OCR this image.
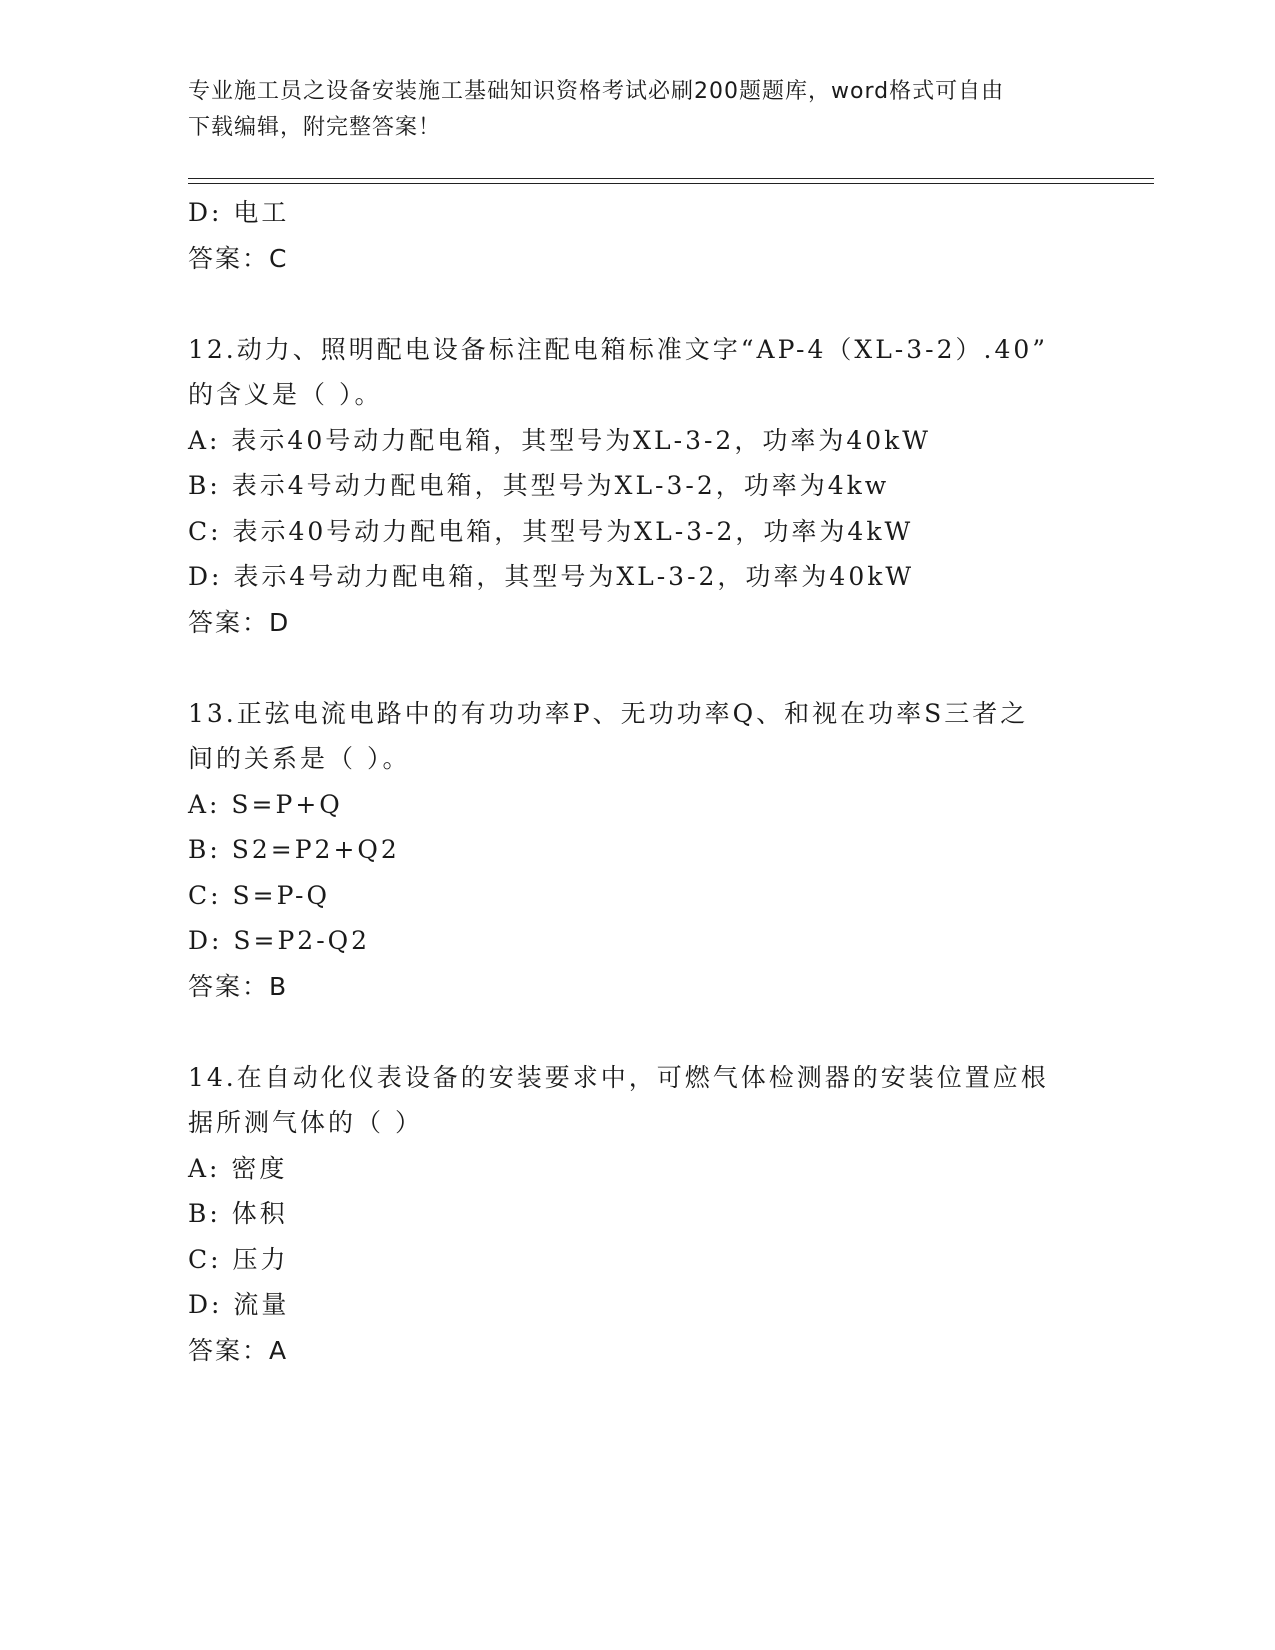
专业施工员之设备安装施工基础知识资格考试必刷200题题库，word格式可自由
下载编辑，附完整答案！
D: 电工
答案：C
12.动力、照明配电设备标注配电箱标准文字“AP-4（XL-3-2）.40”
的含义是（ ）。
A: 表示40号动力配电箱，其型号为XL-3-2，功率为40kW
B: 表示4号动力配电箱，其型号为XL-3-2，功率为4kw
C: 表示40号动力配电箱，其型号为XL-3-2，功率为4kW
D: 表示4号动力配电箱，其型号为XL-3-2，功率为40kW
答案：D
13.正弦电流电路中的有功功率P、无功功率Q、和视在功率S三者之
间的关系是（ ）。
A: S=P+Q
B: S2=P2+Q2
C: S=P-Q
D: S=P2-Q2
答案：B
14.在自动化仪表设备的安装要求中，可燃气体检测器的安装位置应根
据所测气体的（ ）
A: 密度
B: 体积
C: 压力
D: 流量
答案：A
